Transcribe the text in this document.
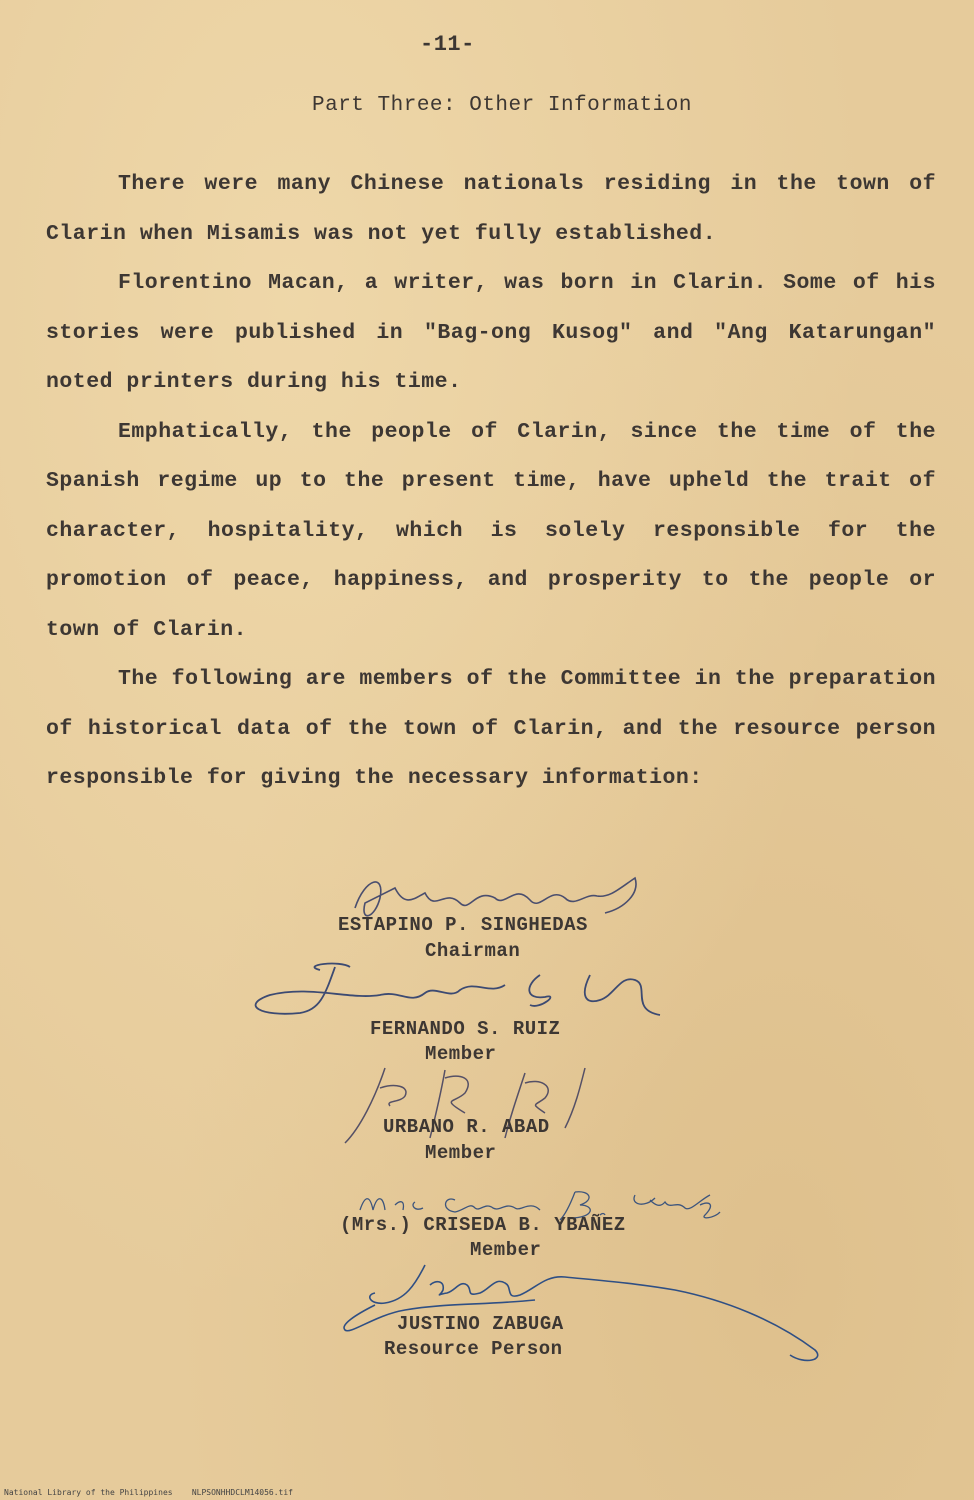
-11-
Part Three: Other Information

There were many Chinese nationals residing in the town of Clarin when Misamis was not yet fully established.

Florentino Macan, a writer, was born in Clarin. Some of his stories were published in "Bag-ong Kusog" and "Ang Katarungan" noted printers during his time.

Emphatically, the people of Clarin, since the time of the Spanish regime up to the present time, have upheld the trait of character, hospitality, which is solely responsible for the promotion of peace, happiness, and prosperity to the people or town of Clarin.

The following are members of the Committee in the preparation of historical data of the town of Clarin, and the resource person responsible for giving the necessary information:

ESTAPINO P. SINGHEDAS
Chairman
FERNANDO S. RUIZ
Member
URBANO R. ABAD
Member
(Mrs.) CRISEDA B. YBAÑEZ
Member
JUSTINO ZABUGA
Resource Person
National Library of the Philippines NLPSONHHDCLM14056.tif
